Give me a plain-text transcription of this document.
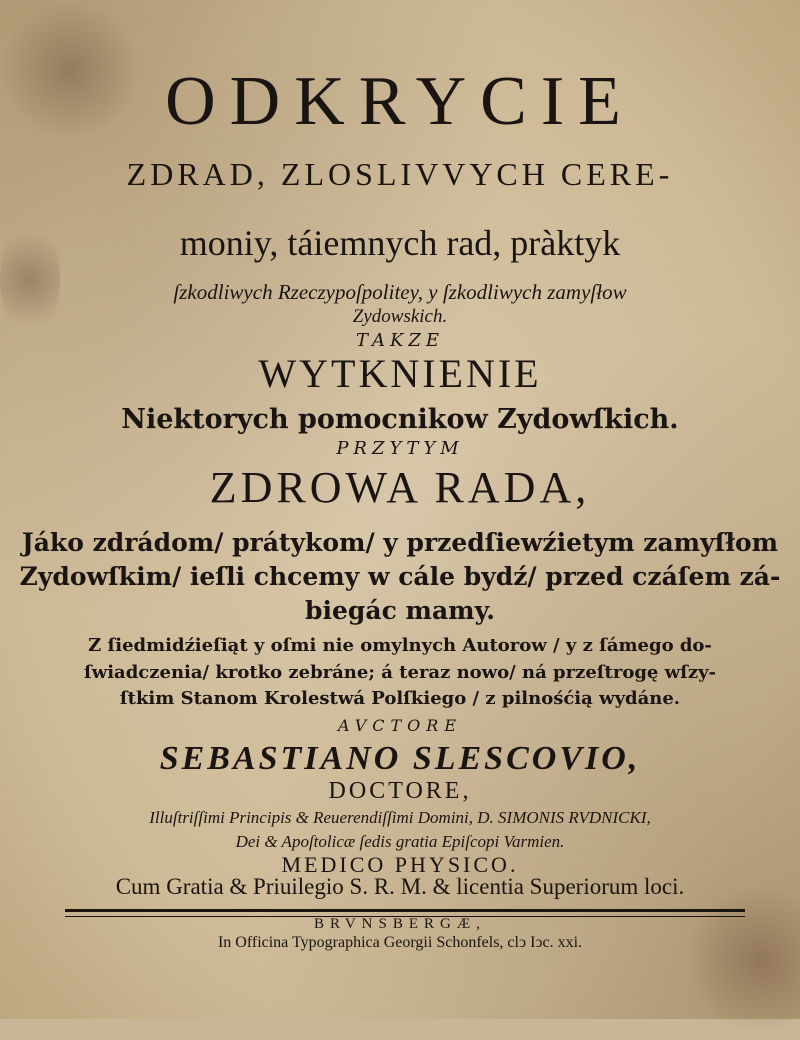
ODKRYCIE
ZDRAD, ZLOSLIVVYCH CERE-
moniy, táiemnych rad, pràktyk
ſzkodliwych Rzeczypoſpolitey, y ſzkodliwych zamyſłow
Zydowskich.
TAKZE
WYTKNIENIE
Niektorych pomocnikow Zydowſkich.
PRZYTYM
ZDROWA RADA,
Jáko zdrádom/ prátykom/ y przedſiewźietym zamyſłom
Zydowſkim/ ieſli chcemy w cále bydź/ przed czáſem zá-
biegác mamy.
Z ſiedmidźieſiąt y oſmi nie omylnych Autorow / y z ſámego do-
ſwiadczenia/ krotko zebráne; á teraz nowo/ ná przeſtrogę wſzy-
ſtkim Stanom Krolestwá Polſkiego / z pilnośćią wydáne.
AVCTORE
SEBASTIANO SLESCOVIO,
DOCTORE,
Illuſtriſſimi Principis & Reuerendiſſimi Domini, D. SIMONIS RVDNICKI,
Dei & Apoſtolicæ ſedis gratia Epiſcopi Varmien.
MEDICO PHYSICO.
Cum Gratia & Priuilegio S. R. M. & licentia Superiorum loci.
BRVNSBERGÆ,
In Officina Typographica Georgii Schonfels, clↄ Iↄc. xxi.
